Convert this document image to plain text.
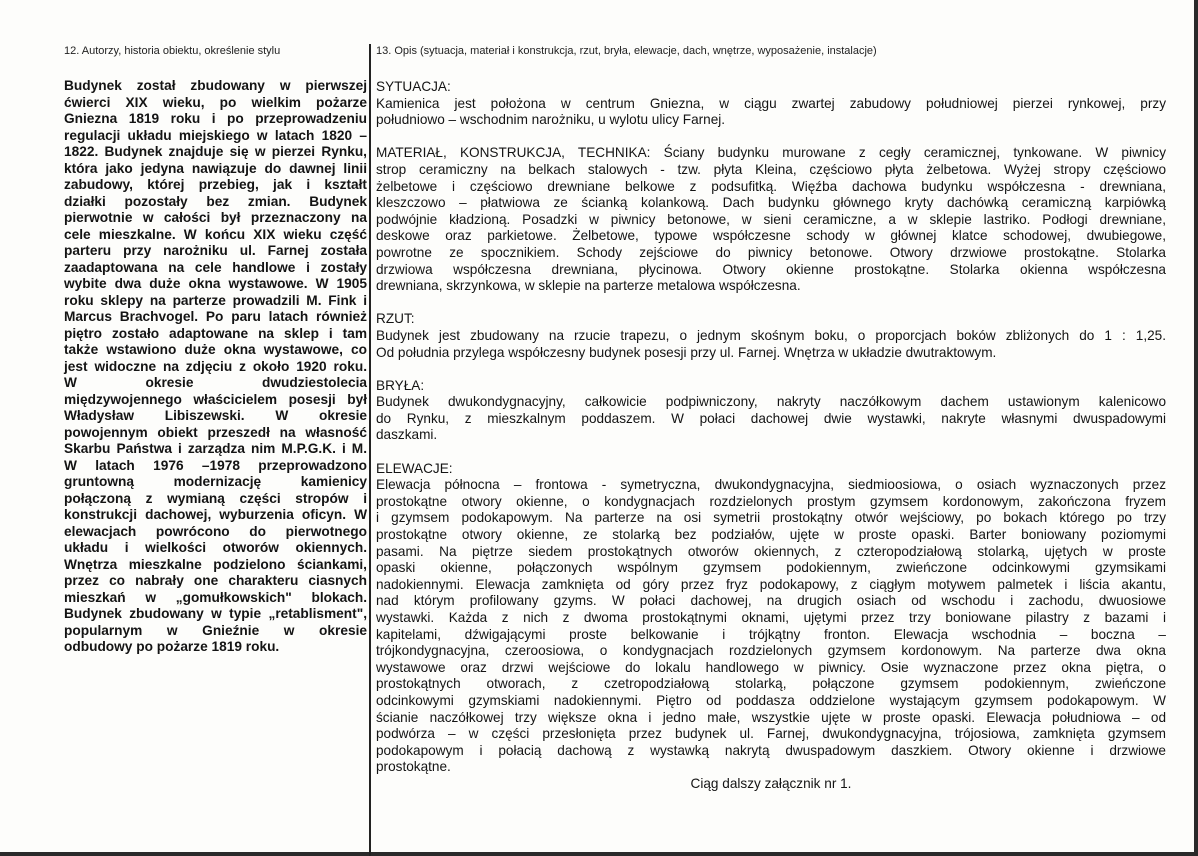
12. Autorzy, historia obiektu, określenie stylu	13. Opis (sytuacja, materiał i konstrukcja, rzut, bryła, elewacje, dach, wnętrze, wyposażenie, instalacje)
Budynek został zbudowany w pierwszej
ćwierci XIX wieku, po wielkim pożarze
Gniezna 1819 roku i po przeprowadzeniu
regulacji układu miejskiego w latach 1820 –
1822. Budynek znajduje się w pierzei Rynku,
która jako jedyna nawiązuje do dawnej linii
zabudowy, której przebieg, jak i kształt
działki pozostały bez zmian. Budynek
pierwotnie w całości był przeznaczony na
cele mieszkalne. W końcu XIX wieku część
parteru przy narożniku ul. Farnej została
zaadaptowana na cele handlowe i zostały
wybite dwa duże okna wystawowe. W 1905
roku sklepy na parterze prowadzili M. Fink i
Marcus Brachvogel. Po paru latach również
piętro zostało adaptowane na sklep i tam
także wstawiono duże okna wystawowe, co
jest widoczne na zdjęciu z około 1920 roku.
W okresie dwudziestolecia
międzywojennego właścicielem posesji był
Władysław Libiszewski. W okresie
powojennym obiekt przeszedł na własność
Skarbu Państwa i zarządza nim M.P.G.K. i M.
W latach 1976 –1978 przeprowadzono
gruntowną modernizację kamienicy
połączoną z wymianą części stropów i
konstrukcji dachowej, wyburzenia oficyn. W
elewacjach powrócono do pierwotnego
układu i wielkości otworów okiennych.
Wnętrza mieszkalne podzielono ściankami,
przez co nabrały one charakteru ciasnych
mieszkań w „gomułkowskich" blokach.
Budynek zbudowany w typie „retablisment",
popularnym w Gnieźnie w okresie
odbudowy po pożarze 1819 roku.
SYTUACJA:
Kamienica jest położona w centrum Gniezna, w ciągu zwartej zabudowy południowej pierzei rynkowej, przy
południowo – wschodnim narożniku, u wylotu ulicy Farnej.
MATERIAŁ, KONSTRUKCJA, TECHNIKA: Ściany budynku murowane z cegły ceramicznej, tynkowane. W piwnicy
strop ceramiczny na belkach stalowych - tzw. płyta Kleina, częściowo płyta żelbetowa. Wyżej stropy częściowo
żelbetowe i częściowo drewniane belkowe z podsufitką. Więźba dachowa budynku współczesna - drewniana,
kleszczowo – płatwiowa ze ścianką kolankową. Dach budynku głównego kryty dachówką ceramiczną karpiówką
podwójnie kładzioną. Posadzki w piwnicy betonowe, w sieni ceramiczne, a w sklepie lastriko. Podłogi drewniane,
deskowe oraz parkietowe. Żelbetowe, typowe współczesne schody w głównej klatce schodowej, dwubiegowe,
powrotne ze spocznikiem. Schody zejściowe do piwnicy betonowe. Otwory drzwiowe prostokątne. Stolarka
drzwiowa współczesna drewniana, płycinowa. Otwory okienne prostokątne. Stolarka okienna współczesna
drewniana, skrzynkowa, w sklepie na parterze metalowa współczesna.
RZUT:
Budynek jest zbudowany na rzucie trapezu, o jednym skośnym boku, o proporcjach boków zbliżonych do 1 : 1,25.
Od południa przylega współczesny budynek posesji przy ul. Farnej. Wnętrza w układzie dwutraktowym.
BRYŁA:
Budynek dwukondygnacyjny, całkowicie podpiwniczony, nakryty naczółkowym dachem ustawionym kalenicowo
do Rynku, z mieszkalnym poddaszem. W połaci dachowej dwie wystawki, nakryte własnymi dwuspadowymi
daszkami.
ELEWACJE:
Elewacja północna – frontowa - symetryczna, dwukondygnacyjna, siedmioosiowa, o osiach wyznaczonych przez
prostokątne otwory okienne, o kondygnacjach rozdzielonych prostym gzymsem kordonowym, zakończona fryzem
i gzymsem podokapowym. Na parterze na osi symetrii prostokątny otwór wejściowy, po bokach którego po trzy
prostokątne otwory okienne, ze stolarką bez podziałów, ujęte w proste opaski. Barter boniowany poziomymi
pasami. Na piętrze siedem prostokątnych otworów okiennych, z czteropodziałową stolarką, ujętych w proste
opaski okienne, połączonych wspólnym gzymsem podokiennym, zwieńczone odcinkowymi gzymsikami
nadokiennymi. Elewacja zamknięta od góry przez fryz podokapowy, z ciągłym motywem palmetek i liścia akantu,
nad którym profilowany gzyms. W połaci dachowej, na drugich osiach od wschodu i zachodu, dwuosiowe
wystawki. Każda z nich z dwoma prostokątnymi oknami, ujętymi przez trzy boniowane pilastry z bazami i
kapitelami, dźwigającymi proste belkowanie i trójkątny fronton. Elewacja wschodnia – boczna –
trójkondygnacyjna, czeroosiowa, o kondygnacjach rozdzielonych gzymsem kordonowym. Na parterze dwa okna
wystawowe oraz drzwi wejściowe do lokalu handlowego w piwnicy. Osie wyznaczone przez okna piętra, o
prostokątnych otworach, z czetropodziałową stolarką, połączone gzymsem podokiennym, zwieńczone
odcinkowymi gzymskiami nadokiennymi. Piętro od poddasza oddzielone wystającym gzymsem podokapowym. W
ścianie naczółkowej trzy większe okna i jedno małe, wszystkie ujęte w proste opaski. Elewacja południowa – od
podwórza – w części przesłonięta przez budynek ul. Farnej, dwukondygnacyjna, trójosiowa, zamknięta gzymsem
podokapowym i połacią dachową z wystawką nakrytą dwuspadowym daszkiem. Otwory okienne i drzwiowe
prostokątne.
Ciąg dalszy załącznik nr 1.
